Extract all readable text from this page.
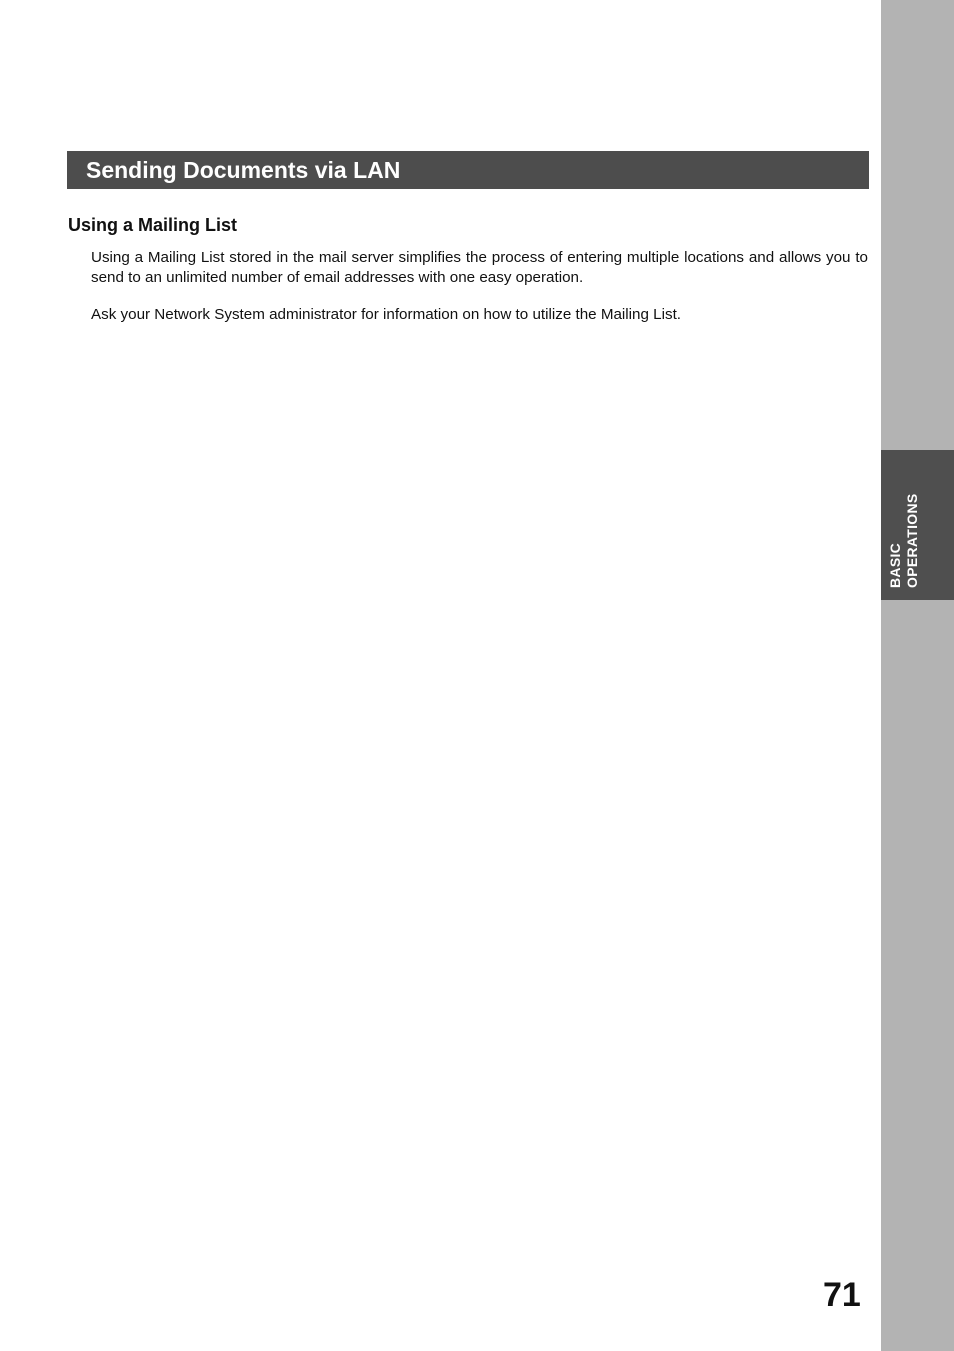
BASIC OPERATIONS
Sending Documents via LAN
Using a Mailing List

Using a Mailing List stored in the mail server simplifies the process of entering multiple locations and allows you to send to an unlimited number of email addresses with one easy operation.

Ask your Network System administrator for information on how to utilize the Mailing List.

71
